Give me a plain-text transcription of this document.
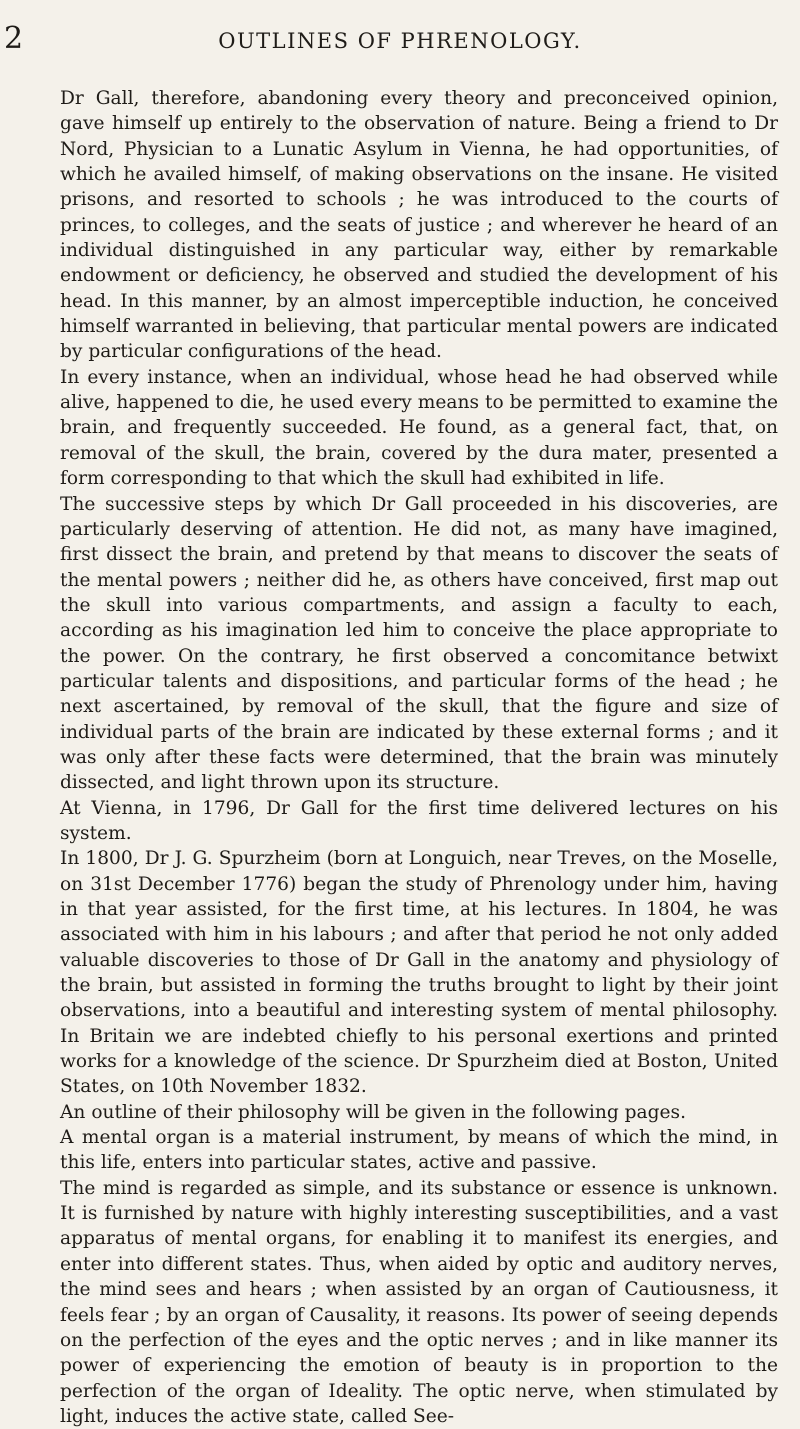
2	OUTLINES OF PHRENOLOGY.

Dr Gall, therefore, abandoning every theory and preconceived opinion, gave himself up entirely to the observation of nature. Being a friend to Dr Nord, Physician to a Lunatic Asylum in Vienna, he had opportunities, of which he availed himself, of making observations on the insane. He visited prisons, and resorted to schools ; he was introduced to the courts of princes, to colleges, and the seats of justice ; and wherever he heard of an individual distinguished in any particular way, either by remarkable endowment or deficiency, he observed and studied the development of his head. In this manner, by an almost imperceptible induction, he conceived himself warranted in believing, that particular mental powers are indicated by particular configurations of the head.

In every instance, when an individual, whose head he had observed while alive, happened to die, he used every means to be permitted to examine the brain, and frequently succeeded. He found, as a general fact, that, on removal of the skull, the brain, covered by the dura mater, presented a form corresponding to that which the skull had exhibited in life.

The successive steps by which Dr Gall proceeded in his discoveries, are particularly deserving of attention. He did not, as many have imagined, first dissect the brain, and pretend by that means to discover the seats of the mental powers ; neither did he, as others have conceived, first map out the skull into various compartments, and assign a faculty to each, according as his imagination led him to conceive the place appropriate to the power. On the contrary, he first observed a concomitance betwixt particular talents and dispositions, and particular forms of the head ; he next ascertained, by removal of the skull, that the figure and size of individual parts of the brain are indicated by these external forms ; and it was only after these facts were determined, that the brain was minutely dissected, and light thrown upon its structure.

At Vienna, in 1796, Dr Gall for the first time delivered lectures on his system.

In 1800, Dr J. G. Spurzheim (born at Longuich, near Treves, on the Moselle, on 31st December 1776) began the study of Phrenology under him, having in that year assisted, for the first time, at his lectures. In 1804, he was associated with him in his labours ; and after that period he not only added valuable discoveries to those of Dr Gall in the anatomy and physiology of the brain, but assisted in forming the truths brought to light by their joint observations, into a beautiful and interesting system of mental philosophy. In Britain we are indebted chiefly to his personal exertions and printed works for a knowledge of the science. Dr Spurzheim died at Boston, United States, on 10th November 1832.

An outline of their philosophy will be given in the following pages.

A mental organ is a material instrument, by means of which the mind, in this life, enters into particular states, active and passive.

The mind is regarded as simple, and its substance or essence is unknown. It is furnished by nature with highly interesting susceptibilities, and a vast apparatus of mental organs, for enabling it to manifest its energies, and enter into different states. Thus, when aided by optic and auditory nerves, the mind sees and hears ; when assisted by an organ of Cautiousness, it feels fear ; by an organ of Causality, it reasons. Its power of seeing depends on the perfection of the eyes and the optic nerves ; and in like manner its power of experiencing the emotion of beauty is in proportion to the perfection of the organ of Ideality. The optic nerve, when stimulated by light, induces the active state, called See-
